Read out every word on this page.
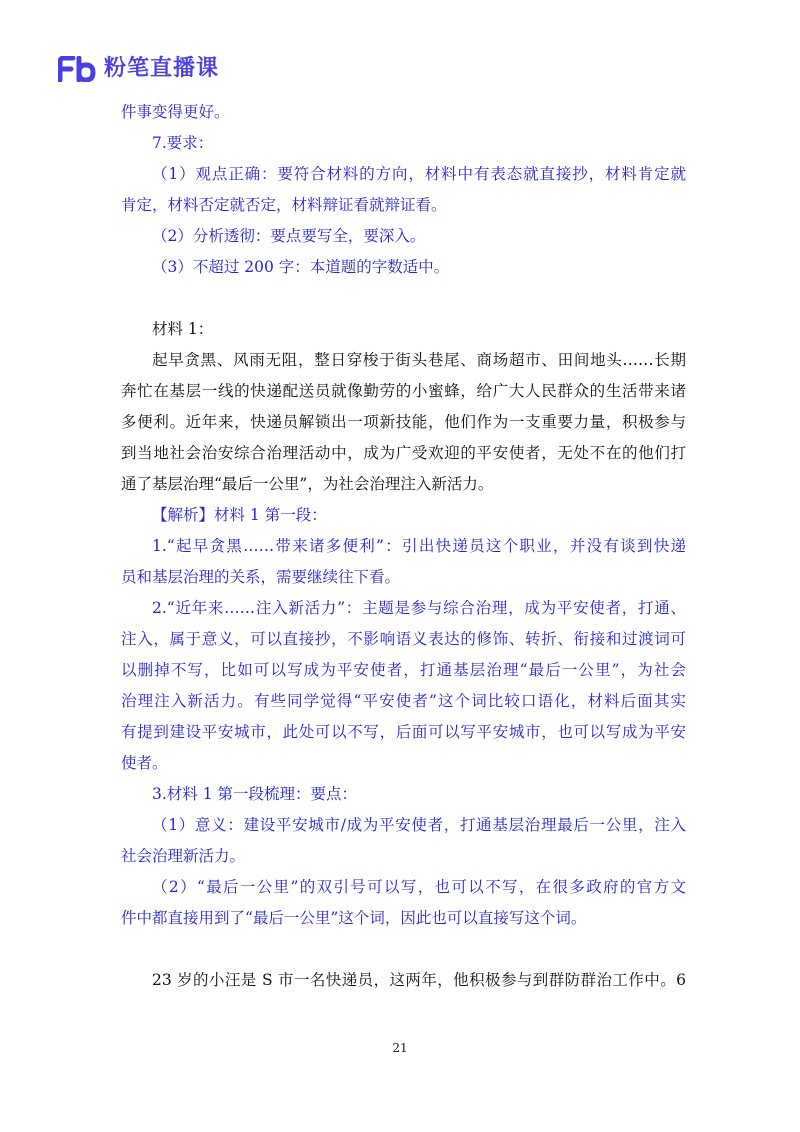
粉笔直播课
件事变得更好。
7.要求：
（1）观点正确：要符合材料的方向，材料中有表态就直接抄，材料肯定就
肯定，材料否定就否定，材料辩证看就辩证看。
（2）分析透彻：要点要写全，要深入。
（3）不超过 200 字：本道题的字数适中。
材料 1：
起早贪黑、风雨无阻，整日穿梭于街头巷尾、商场超市、田间地头……长期
奔忙在基层一线的快递配送员就像勤劳的小蜜蜂，给广大人民群众的生活带来诸
多便利。近年来，快递员解锁出一项新技能，他们作为一支重要力量，积极参与
到当地社会治安综合治理活动中，成为广受欢迎的平安使者，无处不在的他们打
通了基层治理“最后一公里”，为社会治理注入新活力。
【解析】材料 1 第一段：
1.“起早贪黑……带来诸多便利”：引出快递员这个职业，并没有谈到快递
员和基层治理的关系，需要继续往下看。
2.“近年来……注入新活力”：主题是参与综合治理，成为平安使者，打通、
注入，属于意义，可以直接抄，不影响语义表达的修饰、转折、衔接和过渡词可
以删掉不写，比如可以写成为平安使者，打通基层治理“最后一公里”，为社会
治理注入新活力。有些同学觉得“平安使者”这个词比较口语化，材料后面其实
有提到建设平安城市，此处可以不写，后面可以写平安城市，也可以写成为平安
使者。
3.材料 1 第一段梳理：要点：
（1）意义：建设平安城市/成为平安使者，打通基层治理最后一公里，注入
社会治理新活力。
（2）“最后一公里”的双引号可以写，也可以不写，在很多政府的官方文
件中都直接用到了“最后一公里”这个词，因此也可以直接写这个词。
23 岁的小汪是 S 市一名快递员，这两年，他积极参与到群防群治工作中。6
21
